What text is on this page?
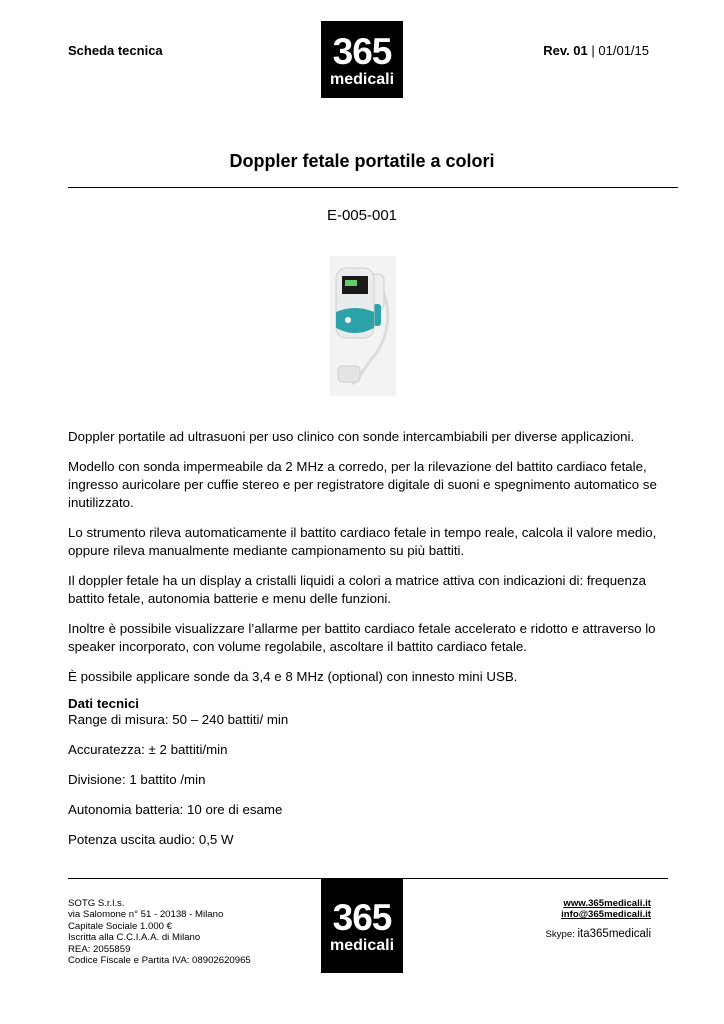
Scheda tecnica	365
medicali
Rev. 01 | 01/01/15
Doppler fetale portatile a colori
E-005-001

Doppler portatile ad ultrasuoni per uso clinico con sonde intercambiabili per diverse applicazioni.

Modello con sonda impermeabile da 2 MHz a corredo, per la rilevazione del battito cardiaco fetale, ingresso auricolare per cuffie stereo e per registratore digitale di suoni e spegnimento automatico se inutilizzato.

Lo strumento rileva automaticamente il battito cardiaco fetale in tempo reale, calcola il valore medio, oppure rileva manualmente mediante campionamento su più battiti.

Il doppler fetale ha un display a cristalli liquidi a colori a matrice attiva con indicazioni di: frequenza battito fetale, autonomia batterie e menu delle funzioni.

Inoltre è possibile visualizzare l’allarme per battito cardiaco fetale accelerato e ridotto e attraverso lo speaker incorporato, con volume regolabile, ascoltare il battito cardiaco fetale.

È possibile applicare sonde da 3,4 e 8 MHz (optional) con innesto mini USB.

Dati tecnici

Range di misura: 50 – 240 battiti/ min

Accuratezza: ± 2 battiti/min

Divisione: 1 battito /min

Autonomia batteria: 10 ore di esame

Potenza uscita audio: 0,5 W

SOTG S.r.l.s.
via Salomone n° 51 - 20138 - Milano
Capitale Sociale 1.000 €
Iscritta alla C.C.I.A.A. di Milano
REA: 2055859
Codice Fiscale e Partita IVA: 08902620965
365
medicali
www.365medicali.it
info@365medicali.it
Skype: ita365medicali
